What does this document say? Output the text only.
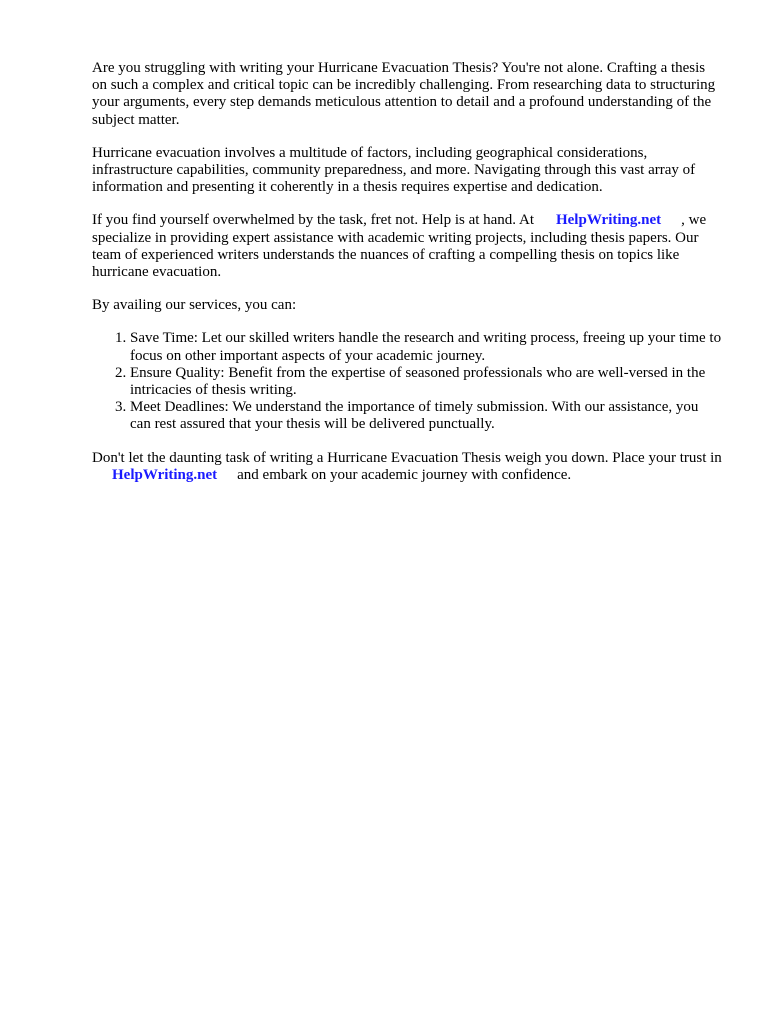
Are you struggling with writing your Hurricane Evacuation Thesis? You're not alone. Crafting a thesis on such a complex and critical topic can be incredibly challenging. From researching data to structuring your arguments, every step demands meticulous attention to detail and a profound understanding of the subject matter.

Hurricane evacuation involves a multitude of factors, including geographical considerations, infrastructure capabilities, community preparedness, and more. Navigating through this vast array of information and presenting it coherently in a thesis requires expertise and dedication.

If you find yourself overwhelmed by the task, fret not. Help is at hand. At HelpWriting.net , we specialize in providing expert assistance with academic writing projects, including thesis papers. Our team of experienced writers understands the nuances of crafting a compelling thesis on topics like hurricane evacuation.

By availing our services, you can:

1. Save Time: Let our skilled writers handle the research and writing process, freeing up your time to focus on other important aspects of your academic journey.
2. Ensure Quality: Benefit from the expertise of seasoned professionals who are well-versed in the intricacies of thesis writing.
3. Meet Deadlines: We understand the importance of timely submission. With our assistance, you can rest assured that your thesis will be delivered punctually.

Don't let the daunting task of writing a Hurricane Evacuation Thesis weigh you down. Place your trust inHelpWriting.net and embark on your academic journey with confidence.
